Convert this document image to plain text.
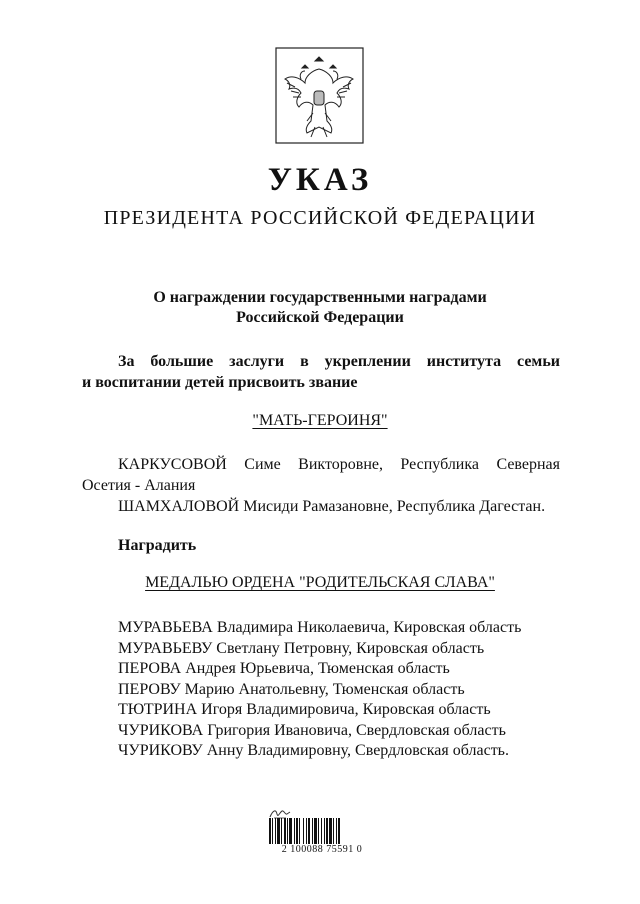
УКАЗ
ПРЕЗИДЕНТА РОССИЙСКОЙ ФЕДЕРАЦИИ
О награждении государственными наградами
Российской Федерации
За большие заслуги в укреплении института семьи
и воспитании детей присвоить звание
"МАТЬ-ГЕРОИНЯ"
КАРКУСОВОЙ Симе Викторовне, Республика Северная
Осетия - Алания
ШАМХАЛОВОЙ Мисиди Рамазановне, Республика Дагестан.
Наградить
МЕДАЛЬЮ ОРДЕНА "РОДИТЕЛЬСКАЯ СЛАВА"
МУРАВЬЕВА Владимира Николаевича, Кировская область
МУРАВЬЕВУ Светлану Петровну, Кировская область
ПЕРОВА Андрея Юрьевича, Тюменская область
ПЕРОВУ Марию Анатольевну, Тюменская область
ТЮТРИНА Игоря Владимировича, Кировская область
ЧУРИКОВА Григория Ивановича, Свердловская область
ЧУРИКОВУ Анну Владимировну, Свердловская область.
2 100088 75591 0
